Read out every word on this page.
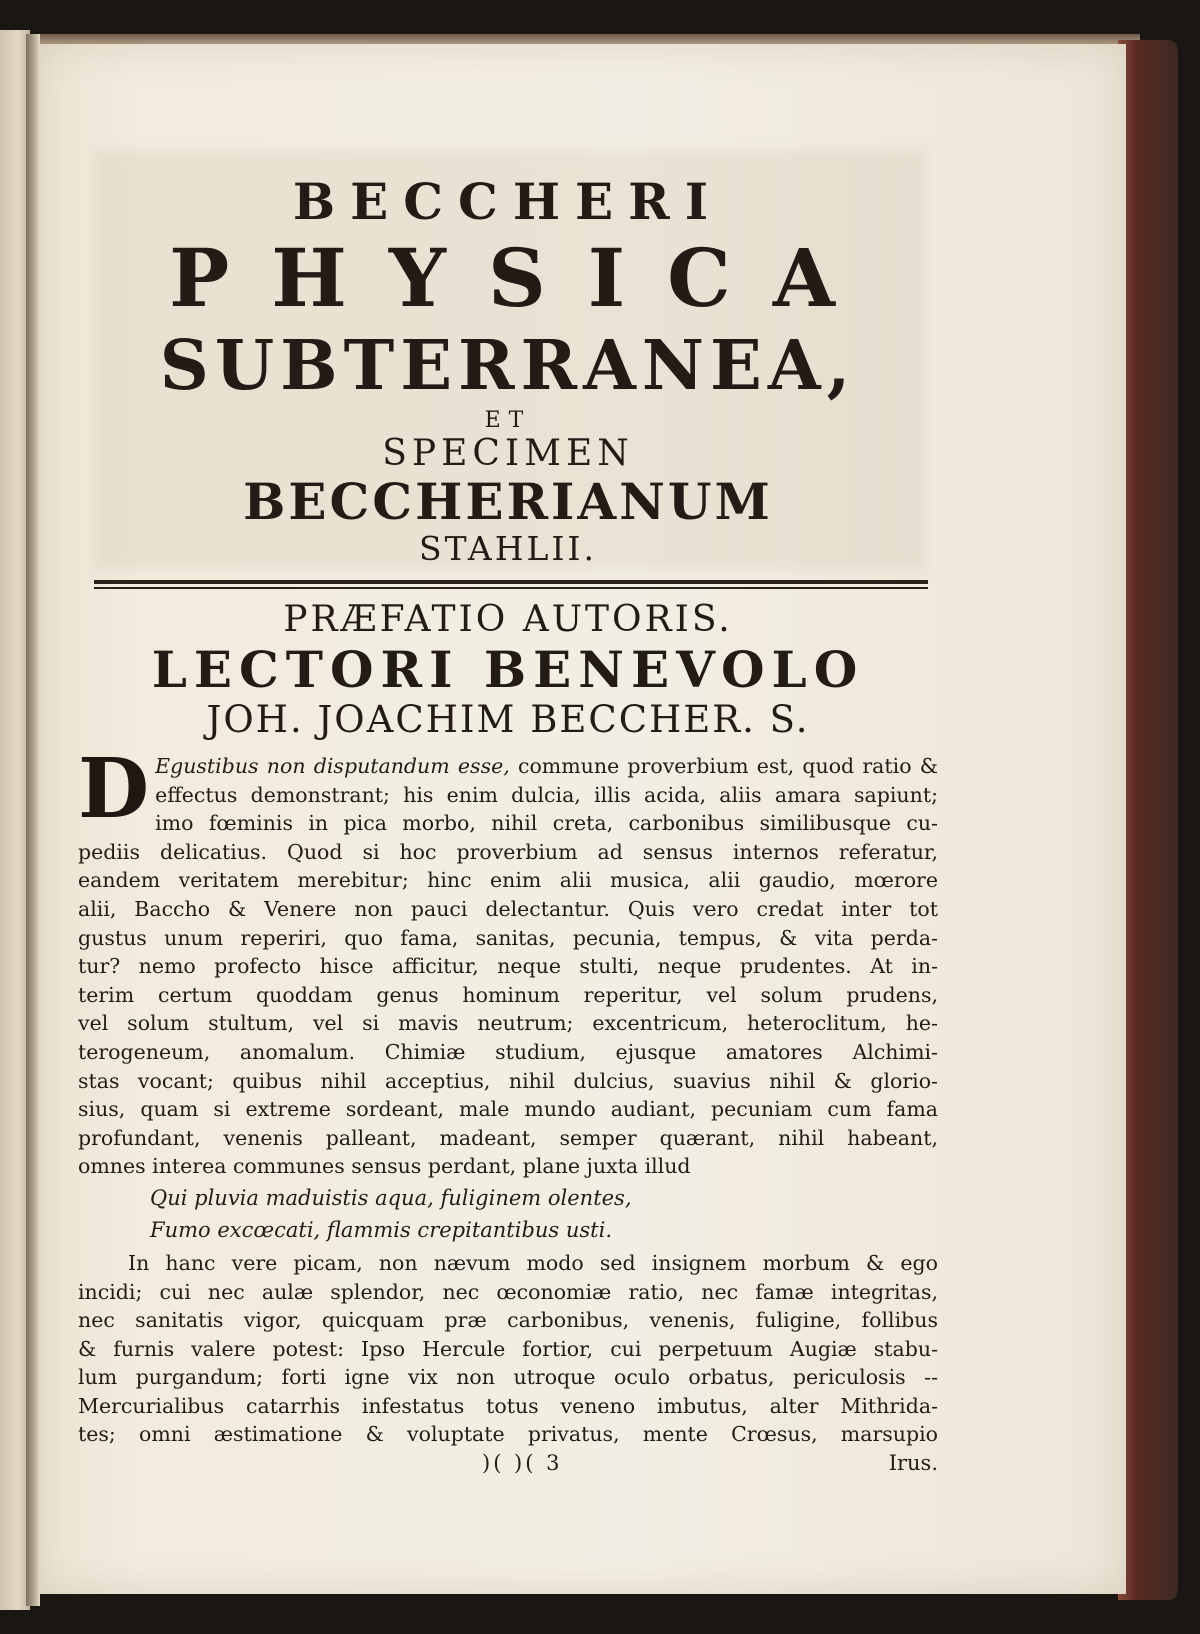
BECCHERI

PHYSICA

SUBTERRANEA,

ET

SPECIMEN

BECCHERIANUM

STAHLII.

PRÆFATIO AUTORIS.

LECTORI BENEVOLO

JOH. JOACHIM BECCHER. S.

D Egustibus non disputandum esse, commune proverbium est, quod ratio &
effectus demonstrant; his enim dulcia, illis acida, aliis amara sapiunt;
imo fœminis in pica morbo, nihil creta, carbonibus similibusque cu-
pediis delicatius. Quod si hoc proverbium ad sensus internos referatur,
eandem veritatem merebitur; hinc enim alii musica, alii gaudio, mœrore
alii, Baccho & Venere non pauci delectantur. Quis vero credat inter tot
gustus unum reperiri, quo fama, sanitas, pecunia, tempus, & vita perda-
tur? nemo profecto hisce afficitur, neque stulti, neque prudentes. At in-
terim certum quoddam genus hominum reperitur, vel solum prudens,
vel solum stultum, vel si mavis neutrum; excentricum, heteroclitum, he-
terogeneum, anomalum. Chimiæ studium, ejusque amatores Alchimi-
stas vocant; quibus nihil acceptius, nihil dulcius, suavius nihil & glorio-
sius, quam si extreme sordeant, male mundo audiant, pecuniam cum fama
profundant, venenis palleant, madeant, semper quærant, nihil habeant,
omnes interea communes sensus perdant, plane juxta illud
Qui pluvia maduistis aqua, fuliginem olentes,
Fumo excœcati, flammis crepitantibus usti.
In hanc vere picam, non nævum modo sed insignem morbum & ego
incidi; cui nec aulæ splendor, nec œconomiæ ratio, nec famæ integritas,
nec sanitatis vigor, quicquam præ carbonibus, venenis, fuligine, follibus
& furnis valere potest: Ipso Hercule fortior, cui perpetuum Augiæ stabu-
lum purgandum; forti igne vix non utroque oculo orbatus, periculosis --
Mercurialibus catarrhis infestatus totus veneno imbutus, alter Mithrida-
tes; omni æstimatione & voluptate privatus, mente Crœsus, marsupio
)( )( 3	Irus.
